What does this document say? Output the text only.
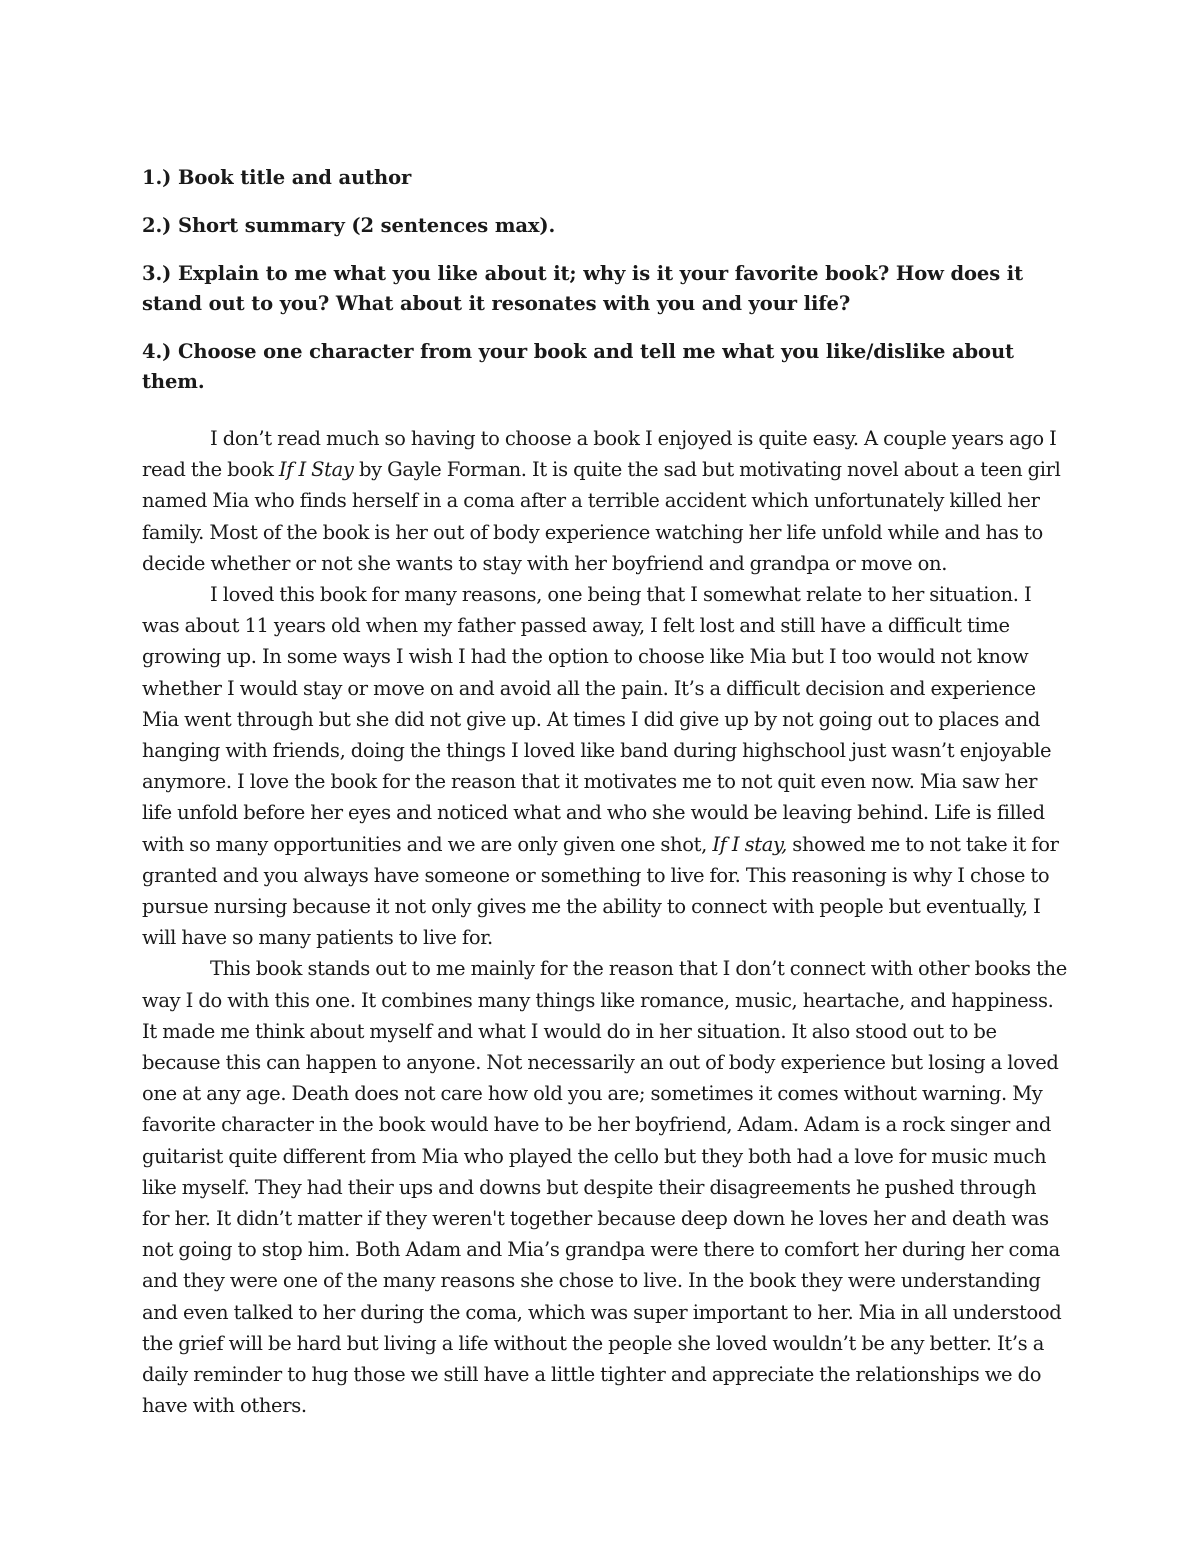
1.) Book title and author

2.) Short summary (2 sentences max).

3.) Explain to me what you like about it; why is it your favorite book? How does it stand out to you? What about it resonates with you and your life?

4.) Choose one character from your book and tell me what you like/dislike about them.

I don’t read much so having to choose a book I enjoyed is quite easy. A couple years ago I read the book If I Stay by Gayle Forman. It is quite the sad but motivating novel about a teen girl named Mia who finds herself in a coma after a terrible accident which unfortunately killed her family. Most of the book is her out of body experience watching her life unfold while and has to decide whether or not she wants to stay with her boyfriend and grandpa or move on.

I loved this book for many reasons, one being that I somewhat relate to her situation. I was about 11 years old when my father passed away, I felt lost and still have a difficult time growing up. In some ways I wish I had the option to choose like Mia but I too would not know whether I would stay or move on and avoid all the pain. It’s a difficult decision and experience Mia went through but she did not give up. At times I did give up by not going out to places and hanging with friends, doing the things I loved like band during highschool just wasn’t enjoyable anymore. I love the book for the reason that it motivates me to not quit even now. Mia saw her life unfold before her eyes and noticed what and who she would be leaving behind. Life is filled with so many opportunities and we are only given one shot, If I stay, showed me to not take it for granted and you always have someone or something to live for. This reasoning is why I chose to pursue nursing because it not only gives me the ability to connect with people but eventually, I will have so many patients to live for.

This book stands out to me mainly for the reason that I don’t connect with other books the way I do with this one. It combines many things like romance, music, heartache, and happiness. It made me think about myself and what I would do in her situation. It also stood out to be because this can happen to anyone. Not necessarily an out of body experience but losing a loved one at any age. Death does not care how old you are; sometimes it comes without warning. My favorite character in the book would have to be her boyfriend, Adam. Adam is a rock singer and guitarist quite different from Mia who played the cello but they both had a love for music much like myself. They had their ups and downs but despite their disagreements he pushed through for her. It didn’t matter if they weren't together because deep down he loves her and death was not going to stop him. Both Adam and Mia’s grandpa were there to comfort her during her coma and they were one of the many reasons she chose to live. In the book they were understanding and even talked to her during the coma, which was super important to her. Mia in all understood the grief will be hard but living a life without the people she loved wouldn’t be any better. It’s a daily reminder to hug those we still have a little tighter and appreciate the relationships we do have with others.
